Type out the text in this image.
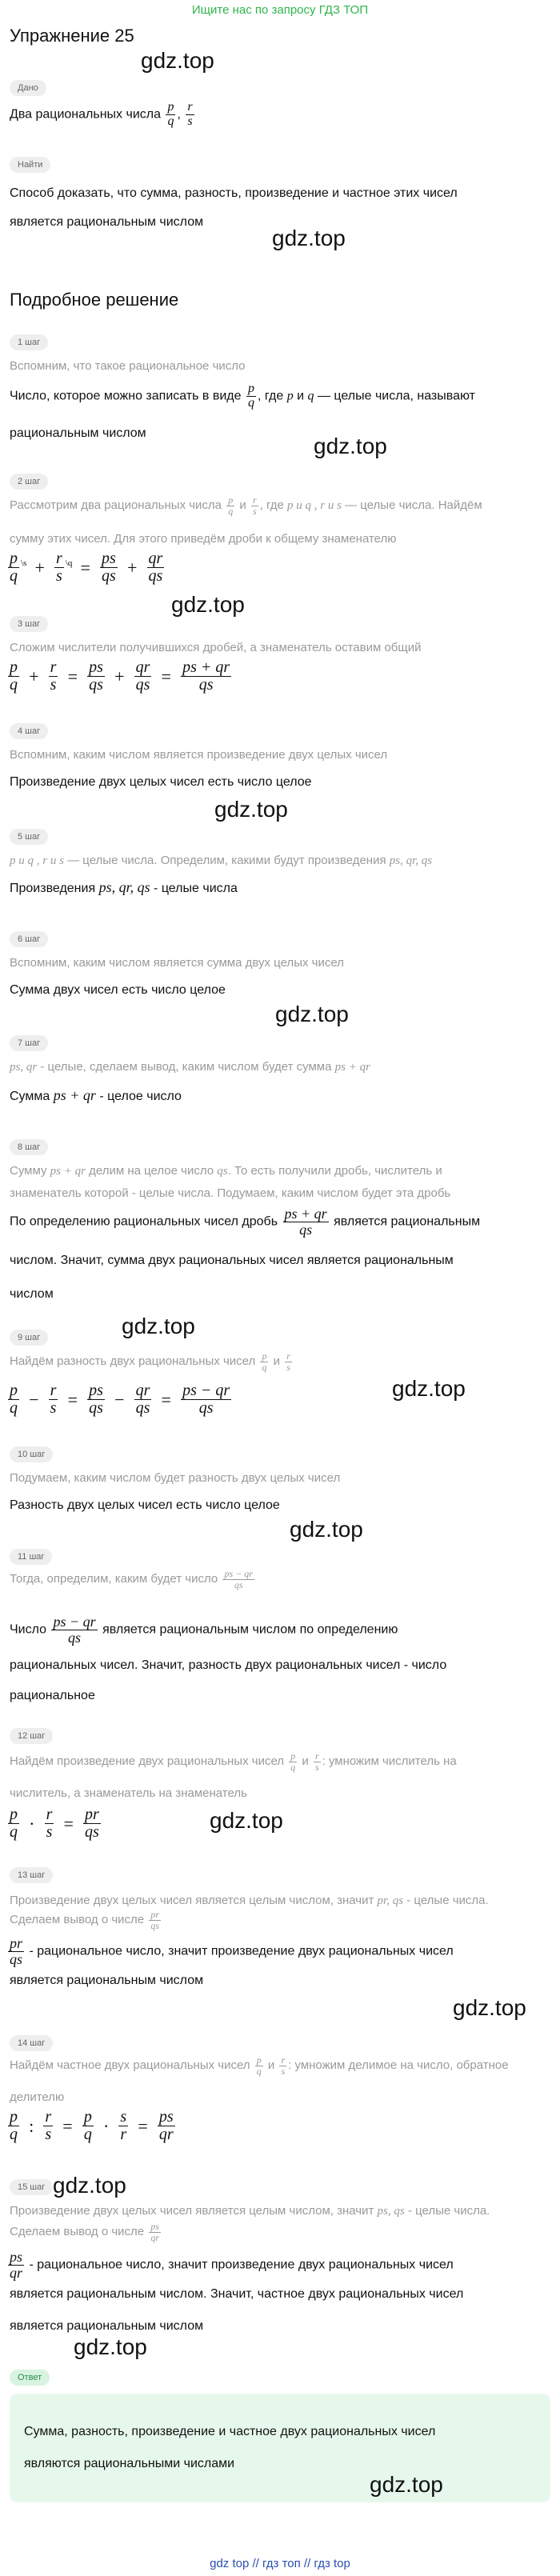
Ищите нас по запросу ГДЗ ТОП
Упражнение 25
gdz.top
Дано
Два рациональных числа $\frac{p}{q}$ , $\frac{r}{s}$
Найти
Способ доказать, что сумма, разность, произведение и частное этих чисел
является рациональным числом
gdz.top
Подробное решение
1 шаг
Вспомним, что такое рациональное число
Число, которое можно записать в виде $\frac{p}{q}$ , где p и q — целые числа, называют
рациональным числом
gdz.top
2 шаг
Рассмотрим два рациональных числа $\frac{p}{q}$ и $\frac{r}{s}$ , где p и q , r и s — целые числа. Найдём
сумму этих чисел. Для этого приведём дроби к общему знаменателю
$\frac{p}{q} ^{\backslash s} + \frac{r}{s} ^{\backslash q} = \frac{ps}{qs} + \frac{qr}{qs}$
gdz.top
3 шаг
Сложим числители получившихся дробей, а знаменатель оставим общий
$\frac{p}{q} + \frac{r}{s} = \frac{ps}{qs} + \frac{qr}{qs} = \frac{ps + qr}{qs}$
4 шаг
Вспомним, каким числом является произведение двух целых чисел
Произведение двух целых чисел есть число целое
gdz.top
5 шаг
p и q , r и s — целые числа. Определим, какими будут произведения ps, qr, qs
Произведения ps, qr, qs - целые числа
6 шаг
Вспомним, каким числом является сумма двух целых чисел
Сумма двух чисел есть число целое
gdz.top
7 шаг
ps, qr - целые, сделаем вывод, каким числом будет сумма ps + qr
Сумма ps + qr - целое число
8 шаг
Сумму ps + qr делим на целое число qs. То есть получили дробь, числитель и
знаменатель которой - целые числа. Подумаем, каким числом будет эта дробь
По определению рациональных чисел дробь $\frac{ps + qr}{qs}$ является рациональным
числом. Значит, сумма двух рациональных чисел является рациональным
числом
gdz.top
9 шаг
Найдём разность двух рациональных чисел $\frac{p}{q}$ и $\frac{r}{s}$
gdz.top
$\frac{p}{q} - \frac{r}{s} = \frac{ps}{qs} - \frac{qr}{qs} = \frac{ps - qr}{qs}$
10 шаг
Подумаем, каким числом будет разность двух целых чисел
Разность двух целых чисел есть число целое
gdz.top
11 шаг
Тогда, определим, каким будет число $\frac{ps - qr}{qs}$
Число $\frac{ps - qr}{qs}$ является рациональным числом по определению
рациональных чисел. Значит, разность двух рациональных чисел - число
рациональное
12 шаг
Найдём произведение двух рациональных чисел $\frac{p}{q}$ и $\frac{r}{s}$ : умножим числитель на
числитель, а знаменатель на знаменатель
$\frac{p}{q} \cdot \frac{r}{s} = \frac{pr}{qs}$	gdz.top
13 шаг
Произведение двух целых чисел является целым числом, значит pr, qs - целые числа.
Сделаем вывод о числе $\frac{pr}{qs}$
$\frac{pr}{qs}$ - рациональное число, значит произведение двух рациональных чисел
является рациональным числом
gdz.top
14 шаг
Найдём частное двух рациональных чисел $\frac{p}{q}$ и $\frac{r}{s}$ : умножим делимое на число, обратное
делителю
$\frac{p}{q}$ : $\frac{r}{s} = \frac{p}{q} \cdot \frac{s}{r} = \frac{ps}{qr}$
gdz.top
15 шаг
Произведение двух целых чисел является целым числом, значит ps, qs - целые числа.
Сделаем вывод о числе $\frac{ps}{qr}$
$\frac{ps}{qr}$ - рациональное число, значит произведение двух рациональных чисел
является рациональным числом. Значит, частное двух рациональных чисел
является рациональным числом
gdz.top
Ответ
Сумма, разность, произведение и частное двух рациональных чисел
являются рациональными числами
gdz.top
gdz top // гдз топ // гдз top
